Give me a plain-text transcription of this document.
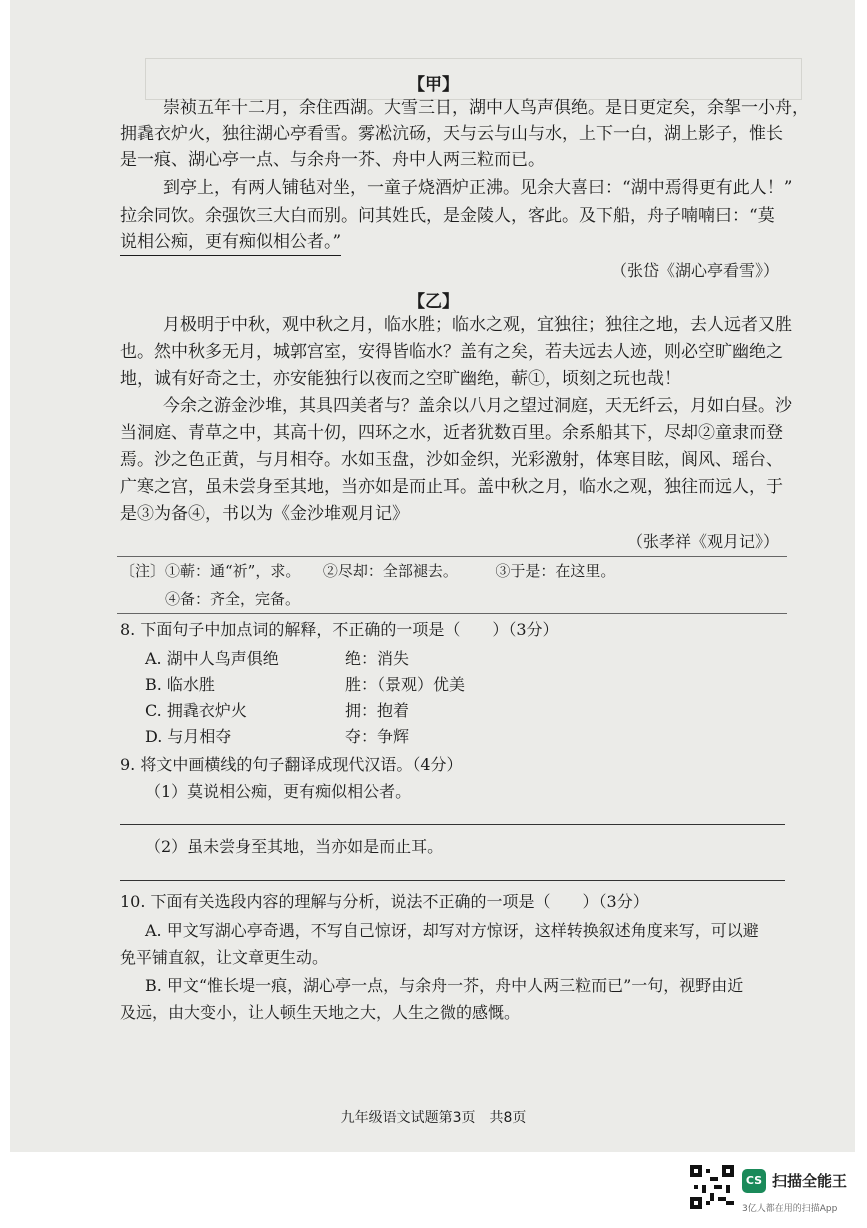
【甲】
崇祯五年十二月，余住西湖。大雪三日，湖中人鸟声俱绝。是日更定矣，余挐一小舟，
拥毳衣炉火，独往湖心亭看雪。雾凇沆砀，天与云与山与水，上下一白，湖上影子，惟长
是一痕、湖心亭一点、与余舟一芥、舟中人两三粒而已。
到亭上，有两人铺毡对坐，一童子烧酒炉正沸。见余大喜曰：“湖中焉得更有此人！”
拉余同饮。余强饮三大白而别。问其姓氏，是金陵人，客此。及下船，舟子喃喃曰：“莫
说相公痴，更有痴似相公者。”
（张岱《湖心亭看雪》）
【乙】
月极明于中秋，观中秋之月，临水胜；临水之观，宜独往；独往之地，去人远者又胜
也。然中秋多无月，城郭宫室，安得皆临水？盖有之矣，若夫远去人迹，则必空旷幽绝之
地，诚有好奇之士，亦安能独行以夜而之空旷幽绝，蕲①，顷刻之玩也哉！
今余之游金沙堆，其具四美者与？盖余以八月之望过洞庭，天无纤云，月如白昼。沙
当洞庭、青草之中，其高十仞，四环之水，近者犹数百里。余系船其下，尽却②童隶而登
焉。沙之色正黄，与月相夺。水如玉盘，沙如金织，光彩激射，体寒目眩，阆风、瑶台、
广寒之宫，虽未尝身至其地，当亦如是而止耳。盖中秋之月，临水之观，独往而远人，于
是③为备④，书以为《金沙堆观月记》
（张孝祥《观月记》）
〔注〕①蕲：通“祈”，求。　　②尽却：全部褪去。　　　③于是：在这里。
　　　④备：齐全，完备。
8. 下面句子中加点词的解释，不正确的一项是（　　）（3分）
A. 湖中人鸟声俱绝	绝：消失
B. 临水胜	胜：（景观）优美
C. 拥毳衣炉火	拥：抱着
D. 与月相夺	夺：争辉
9. 将文中画横线的句子翻译成现代汉语。（4分）
（1）莫说相公痴，更有痴似相公者。
（2）虽未尝身至其地，当亦如是而止耳。
10. 下面有关选段内容的理解与分析，说法不正确的一项是（　　）（3分）
A. 甲文写湖心亭奇遇，不写自己惊讶，却写对方惊讶，这样转换叙述角度来写，可以避
免平铺直叙，让文章更生动。
B. 甲文“惟长堤一痕，湖心亭一点，与余舟一芥，舟中人两三粒而已”一句，视野由近
及远，由大变小，让人顿生天地之大，人生之微的感慨。
九年级语文试题第3页　共8页
CS 扫描全能王
3亿人都在用的扫描App
